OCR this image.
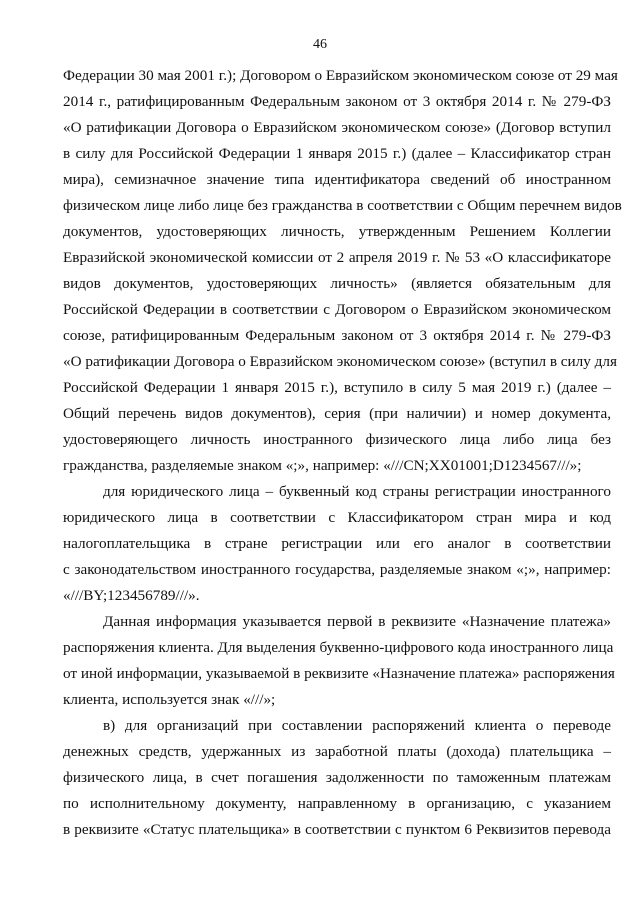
46
Федерации 30 мая 2001 г.); Договором о Евразийском экономическом союзе от 29 мая
2014 г., ратифицированным Федеральным законом от 3 октября 2014 г. № 279-ФЗ
«О ратификации Договора о Евразийском экономическом союзе» (Договор вступил
в силу для Российской Федерации 1 января 2015 г.) (далее – Классификатор стран
мира), семизначное значение типа идентификатора сведений об иностранном
физическом лице либо лице без гражданства в соответствии с Общим перечнем видов
документов, удостоверяющих личность, утвержденным Решением Коллегии
Евразийской экономической комиссии от 2 апреля 2019 г. № 53 «О классификаторе
видов документов, удостоверяющих личность» (является обязательным для
Российской Федерации в соответствии с Договором о Евразийском экономическом
союзе, ратифицированным Федеральным законом от 3 октября 2014 г. № 279-ФЗ
«О ратификации Договора о Евразийском экономическом союзе» (вступил в силу для
Российской Федерации 1 января 2015 г.), вступило в силу 5 мая 2019 г.) (далее –
Общий перечень видов документов), серия (при наличии) и номер документа,
удостоверяющего личность иностранного физического лица либо лица без
гражданства, разделяемые знаком «;», например: «///CN;XX01001;D1234567///»;
для юридического лица – буквенный код страны регистрации иностранного
юридического лица в соответствии с Классификатором стран мира и код
налогоплательщика в стране регистрации или его аналог в соответствии
с законодательством иностранного государства, разделяемые знаком «;», например:
«///BY;123456789///».
Данная информация указывается первой в реквизите «Назначение платежа»
распоряжения клиента. Для выделения буквенно-цифрового кода иностранного лица
от иной информации, указываемой в реквизите «Назначение платежа» распоряжения
клиента, используется знак «///»;
в) для организаций при составлении распоряжений клиента о переводе
денежных средств, удержанных из заработной платы (дохода) плательщика –
физического лица, в счет погашения задолженности по таможенным платежам
по исполнительному документу, направленному в организацию, с указанием
в реквизите «Статус плательщика» в соответствии с пунктом 6 Реквизитов перевода
